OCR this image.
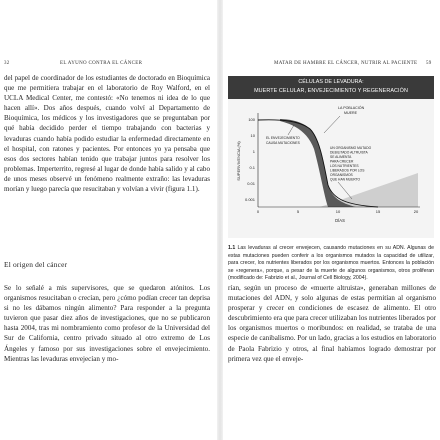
32	EL AYUNO CONTRA EL CÁNCER

del papel de coordinador de los estudiantes de doctorado en Bioquímica que me permitiera trabajar en el laboratorio de Roy Walford, en el UCLA Medical Center, me contestó: «No tenemos ni idea de lo que hacen allí». Dos años después, cuando volví al Departamento de Bioquímica, los médicos y los investigadores que se preguntaban por qué había decidido perder el tiempo trabajando con bacterias y levaduras cuando había podido estudiar la enfermedad directamente en el hospital, con ratones y pacientes. Por entonces yo ya pensaba que esos dos sectores habían tenido que trabajar juntos para resolver los problemas. Imperterrito, regresé al lugar de donde había salido y al cabo de unos meses observé un fenómeno realmente extraño: las levaduras morían y luego parecía que resucitaban y volvían a vivir (figura 1.1).

El origen del cáncer

Se lo señalé a mis supervisores, que se quedaron atónitos. Los organismos resucitaban o crecían, pero ¿cómo podían crecer tan deprisa si no les dábamos ningún alimento? Para responder a la pregunta tuvieron que pasar diez años de investigaciones, que no se publicaron hasta 2004, tras mi nombramiento como profesor de la Universidad del Sur de California, centro privado situado al otro extremo de Los Ángeles y famoso por sus investigaciones sobre el envejecimiento. Mientras las levaduras envejecían y mo-

MATAR DE HAMBRE EL CÁNCER, NUTRIR AL PACIENTE 59
CÉLULAS DE LEVADURA:
MUERTE CELULAR, ENVEJECIMIENTO Y REGENERACIÓN
100
10
1
0.1
0.01
0.001
0	5	10	15	20
DÍAS
SUPERVIVENCIA (%)
LA POBLACIÓN
MUERE
EL ENVEJECIMIENTO
CAUSA MUTACIONES
UN ORGANISMO MUTADO
DEBILITADO ALTRUISTA
SE ALIMENTA
PARA CRECER
LOS NUTRIENTES
LIBERADOS POR LOS
ORGANISMOS
QUE HAN MUERTO
1.1 Las levaduras al crecer envejecen, causando mutaciones en su ADN. Algunas de estas mutaciones pueden conferir a los organismos mutados la capacidad de utilizar, para crecer, los nutrientes liberados por los organismos muertos. Entonces la población se «regenera», porque, a pesar de la muerte de algunos organismos, otros proliferan (modificado de: Fabrizio et al., Journal of Cell Biology, 2004).

rían, según un proceso de «muerte altruista», generaban millones de mutaciones del ADN, y solo algunas de estas permitían al organismo prosperar y crecer en condiciones de escasez de alimento. El otro descubrimiento era que para crecer utilizaban los nutrientes liberados por los organismos muertos o moribundos: en realidad, se trataba de una especie de canibalismo. Por un lado, gracias a los estudios en laboratorio de Paola Fabrizio y otros, al final habíamos logrado demostrar por primera vez que el enveje-
